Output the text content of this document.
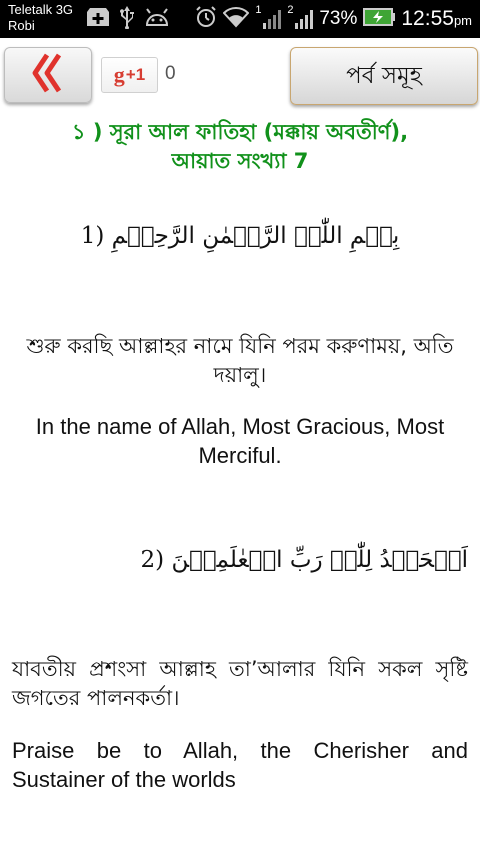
Teletalk 3G
Robi
1 2 73% 12:55pm
g +1 0	পর্ব সমূহ
১ ) সূরা আল ফাতিহা (মক্কায় অবতীর্ণ),
আয়াত সংখ্যা 7
بِسۡمِ اللّٰہِ الرَّحۡمٰنِ الرَّحِیۡمِ (1
শুরু করছি আল্লাহর নামে যিনি পরম করুণাময়, অতি দয়ালু।
In the name of Allah, Most Gracious, Most Merciful.
اَلۡحَمۡدُ لِلّٰہِ رَبِّ الۡعٰلَمِیۡنَ (2
যাবতীয় প্রশংসা আল্লাহ তা’আলার যিনি সকল সৃষ্টি জগতের পালনকর্তা।
Praise be to Allah, the Cherisher and Sustainer of the worlds
